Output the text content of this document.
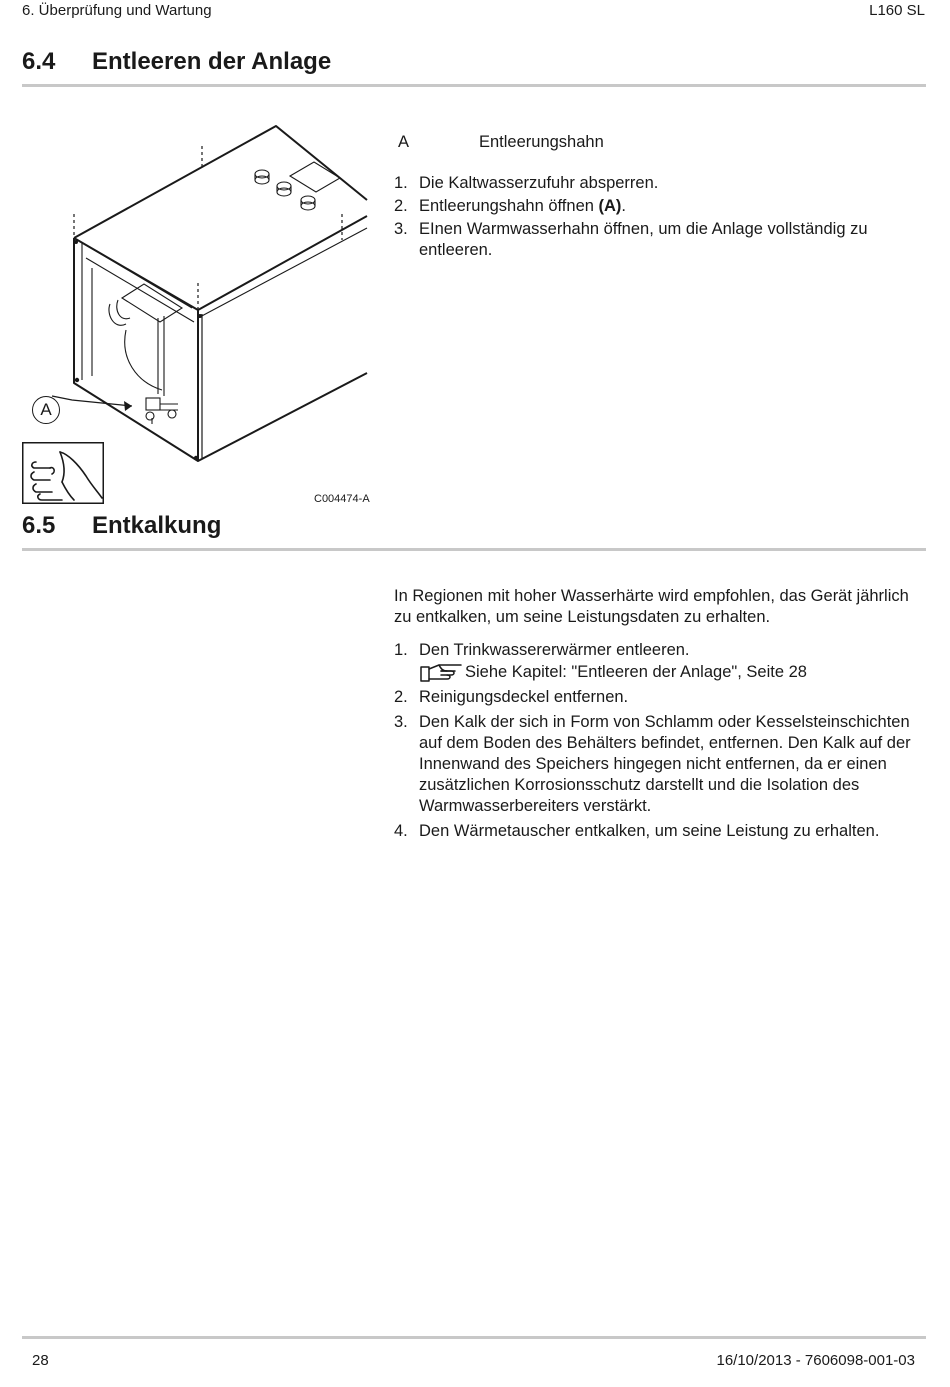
6. Überprüfung und Wartung	L160 SL
6.4 Entleeren der Anlage
A
C004474-A
A	Entleerungshahn
1. Die Kaltwasserzufuhr absperren.
2. Entleerungshahn öffnen (A).
3. EInen Warmwasserhahn öffnen, um die Anlage vollständig zu entleeren.
6.5 Entkalkung
In Regionen mit hoher Wasserhärte wird empfohlen, das Gerät jährlich zu entkalken, um seine Leistungsdaten zu erhalten.
1. Den Trinkwassererwärmer entleeren.
Siehe Kapitel: "Entleeren der Anlage", Seite 28
2. Reinigungsdeckel entfernen.
3. Den Kalk der sich in Form von Schlamm oder Kesselsteinschichten auf dem Boden des Behälters befindet, entfernen. Den Kalk auf der Innenwand des Speichers hingegen nicht entfernen, da er einen zusätzlichen Korrosionsschutz darstellt und die Isolation des Warmwasserbereiters verstärkt.
4. Den Wärmetauscher entkalken, um seine Leistung zu erhalten.
28	16/10/2013 - 7606098-001-03
